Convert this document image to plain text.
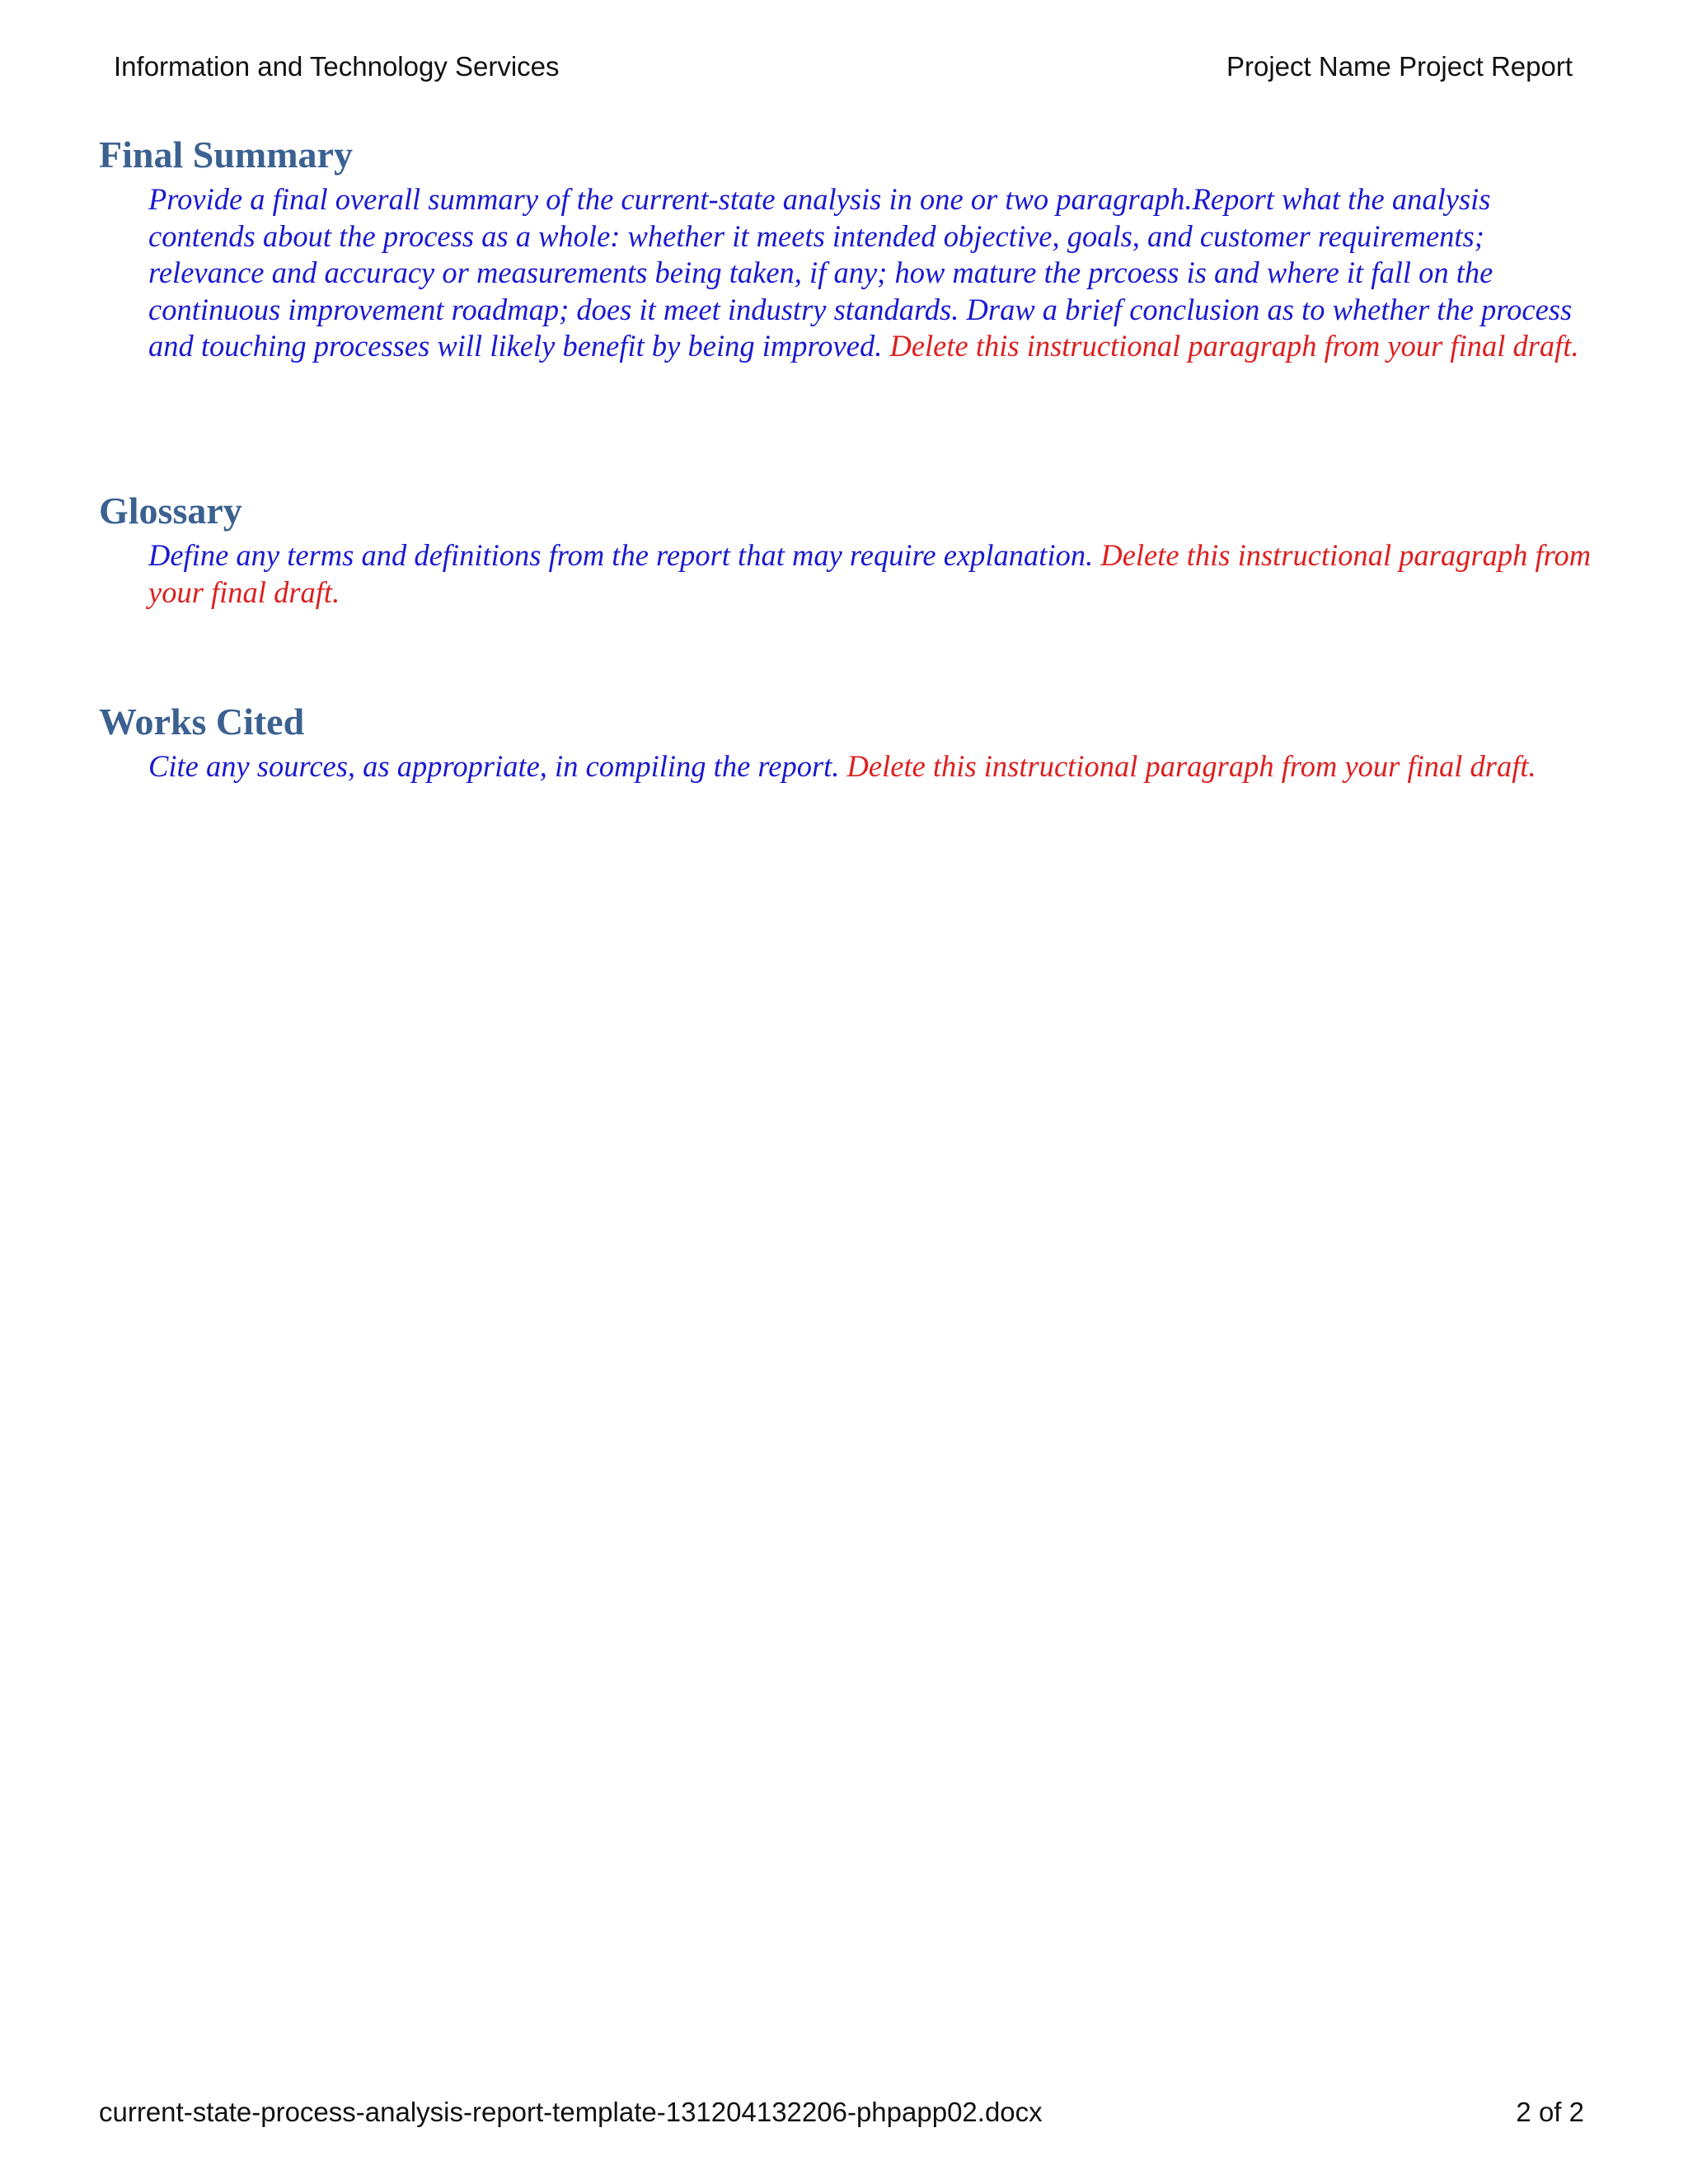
Information and Technology Services	Project Name Project Report
Final Summary

Provide a final overall summary of the current-state analysis in one or two paragraph.Report what the analysis contends about the process as a whole: whether it meets intended objective, goals, and customer requirements; relevance and accuracy or measurements being taken, if any; how mature the prcoess is and where it fall on the continuous improvement roadmap; does it meet industry standards. Draw a brief conclusion as to whether the process and touching processes will likely benefit by being improved. Delete this instructional paragraph from your final draft.

Glossary

Define any terms and definitions from the report that may require explanation. Delete this instructional paragraph from your final draft.

Works Cited

Cite any sources, as appropriate, in compiling the report. Delete this instructional paragraph from your final draft.

current-state-process-analysis-report-template-131204132206-phpapp02.docx	2 of 2
